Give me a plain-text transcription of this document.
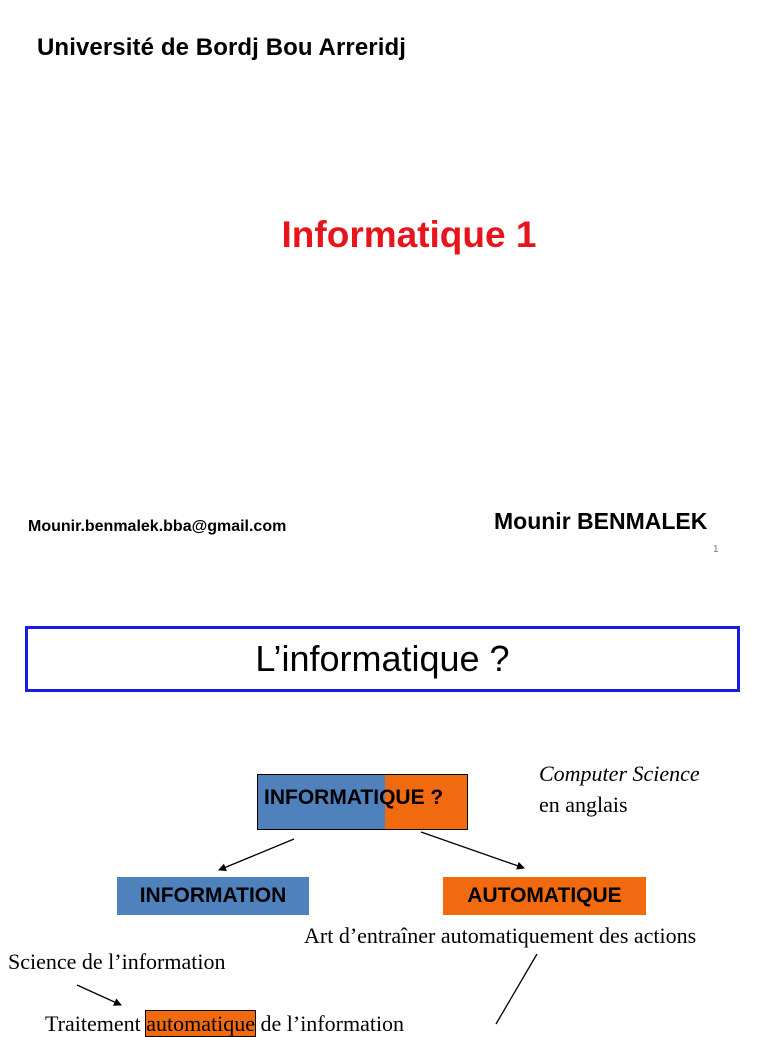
Université de Bordj Bou Arreridj
Informatique 1
Mounir.benmalek.bba@gmail.com	Mounir BENMALEK
1
L’informatique ?
INFORMATIQUE ?
Computer Science
en anglais
INFORMATION	AUTOMATIQUE
Art d’entraîner automatiquement des actions
Science de l’information
Traitement automatique de l’information
